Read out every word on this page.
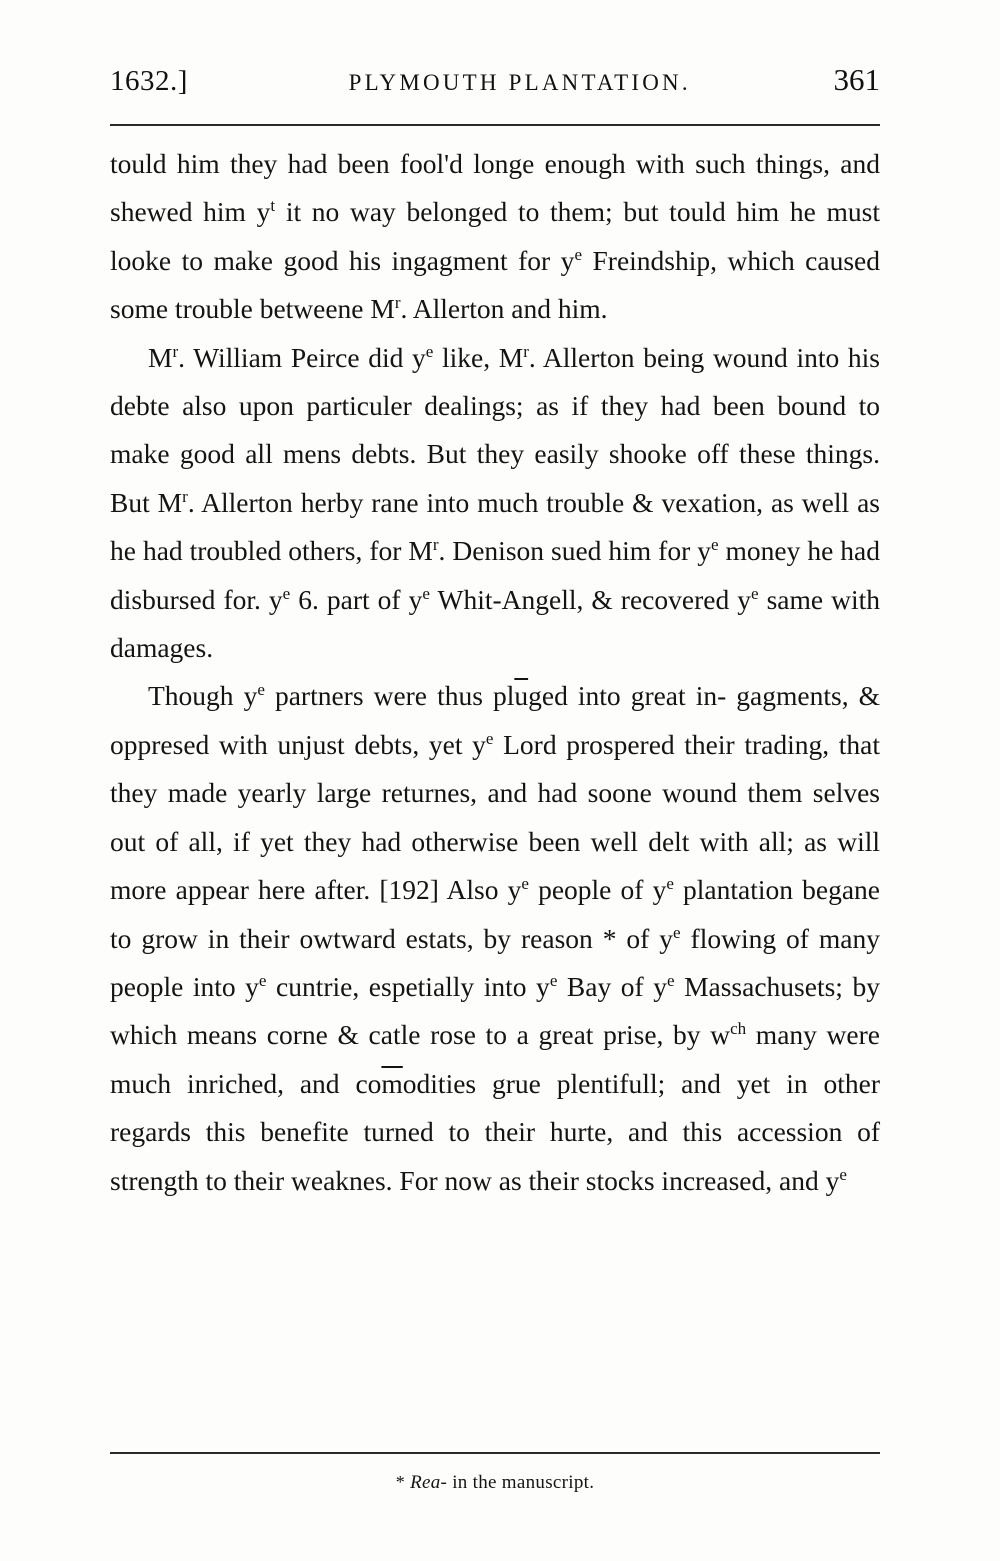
1632.]	PLYMOUTH PLANTATION.	361

tould him they had been fool'd longe enough with such things, and shewed him $y^t$ it no way belonged to them; but tould him he must looke to make good his ingagment for $y^e$ Freindship, which caused some trouble betweene $M^r$. Allerton and him.

$M^r$. William Peirce did $y^e$ like, $M^r$. Allerton being wound into his debte also upon particuler dealings; as if they had been bound to make good all mens debts. But they easily shooke off these things. But $M^r$. Allerton herby rane into much trouble & vexation, as well as he had troubled others, for $M^r$. Denison sued him for $y^e$ money he had disbursed for. $y^e$ 6. part of $y^e$ Whit-Angell, & recovered $y^e$ same with damages.

Though $y^e$ partners were thus $pl\overline{u}ged$ into great in- gagments, & oppresed with unjust debts, yet $y^e$ Lord prospered their trading, that they made yearly large returnes, and had soone wound them selves out of all, if yet they had otherwise been well delt with all; as will more appear here after. [192] Also $y^e$ people of $y^e$ plantation begane to grow in their owtward estats, by reason * of $y^e$ flowing of many people into $y^e$ cuntrie, espetially into $y^e$ Bay of $y^e$ Massachusets; by which means corne & catle rose to a great prise, by $w^{ch}$ many were much inriched, and $co\overline{m}odities$ grue plentifull; and yet in other regards this benefite turned to their hurte, and this accession of strength to their weaknes. For now as their stocks increased, and $y^e$

* Rea- in the manuscript.
